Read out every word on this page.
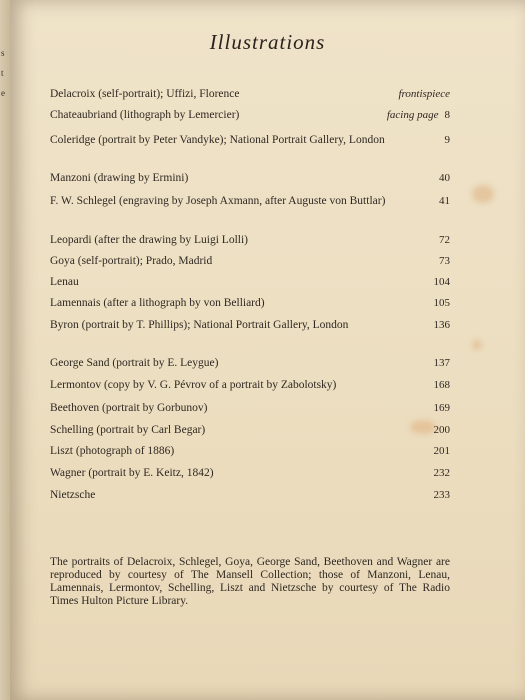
s
t
e
Illustrations
Delacroix (self-portrait); Uffizi, Florence	frontispiece
Chateaubriand (lithograph by Lemercier)	facing page 8
Coleridge (portrait by Peter Vandyke); National Portrait Gallery, London	9
Manzoni (drawing by Ermini)	40
F. W. Schlegel (engraving by Joseph Axmann, after Auguste von Buttlar)	41
Leopardi (after the drawing by Luigi Lolli)	72
Goya (self-portrait); Prado, Madrid	73
Lenau	104
Lamennais (after a lithograph by von Belliard)	105
Byron (portrait by T. Phillips); National Portrait Gallery, London	136
George Sand (portrait by E. Leygue)	137
Lermontov (copy by V. G. Pévrov of a portrait by Zabolotsky)	168
Beethoven (portrait by Gorbunov)	169
Schelling (portrait by Carl Begar)	200
Liszt (photograph of 1886)	201
Wagner (portrait by E. Keitz, 1842)	232
Nietzsche	233
The portraits of Delacroix, Schlegel, Goya, George Sand, Beethoven and Wagner are reproduced by courtesy of The Mansell Collection; those of Manzoni, Lenau, Lamennais, Lermontov, Schelling, Liszt and Nietzsche by courtesy of The Radio Times Hulton Picture Library.
